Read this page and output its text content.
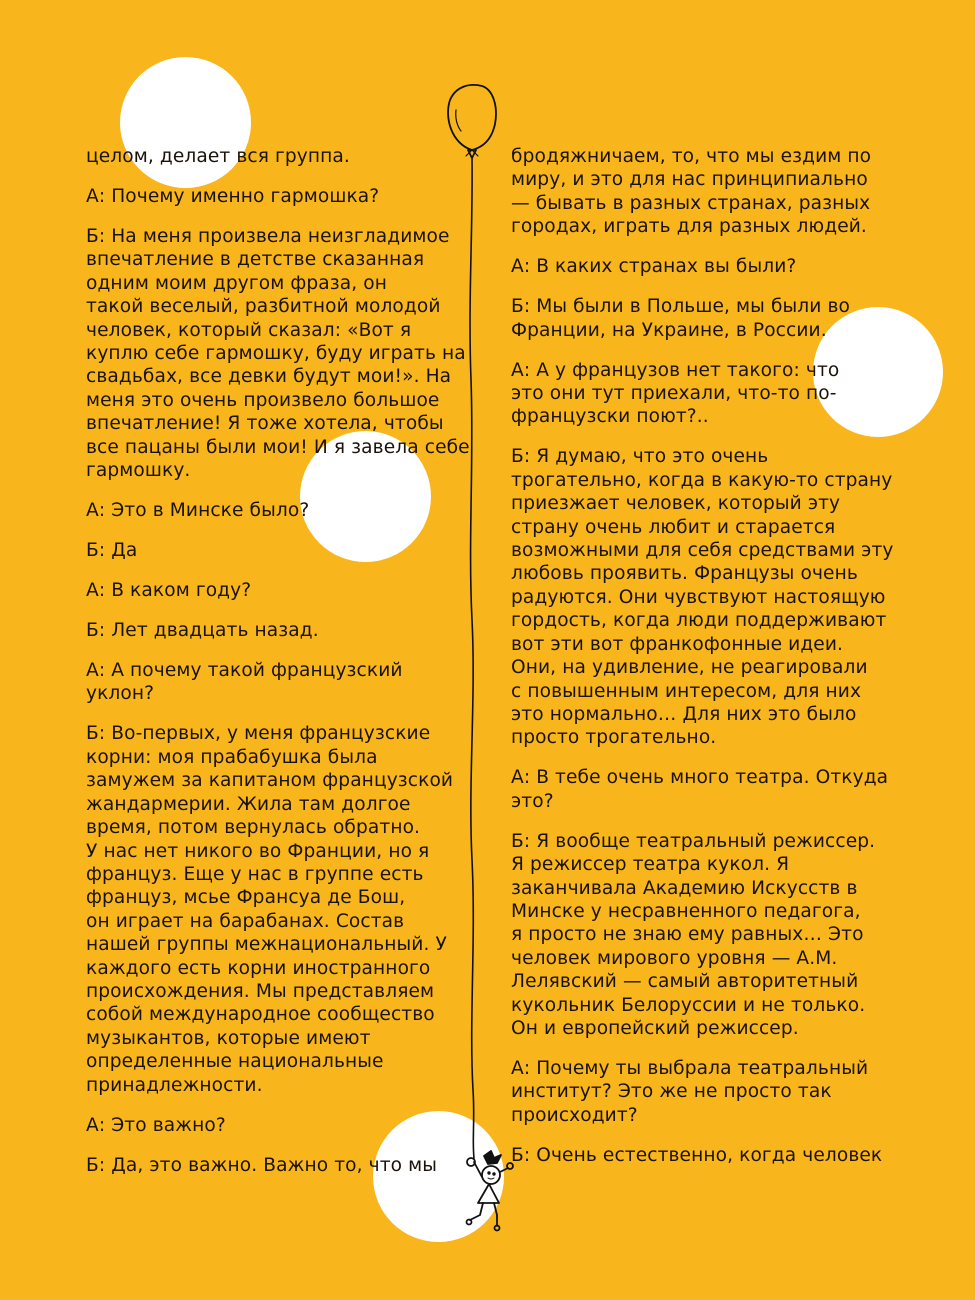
целом, делает вся группа.

А: Почему именно гармошка?

Б: На меня произвела неизгладимое
впечатление в детстве сказанная
одним моим другом фраза, он
такой веселый, разбитной молодой
человек, который сказал: «Вот я
куплю себе гармошку, буду играть на
свадьбах, все девки будут мои!». На
меня это очень произвело большое
впечатление! Я тоже хотела, чтобы
все пацаны были мои! И я завела себе
гармошку.

А: Это в Минске было?

Б: Да

А: В каком году?

Б: Лет двадцать назад.

А: А почему такой французский
уклон?

Б: Во-первых, у меня французские
корни: моя прабабушка была
замужем за капитаном французской
жандармерии. Жила там долгое
время, потом вернулась обратно.
У нас нет никого во Франции, но я
француз. Еще у нас в группе есть
француз, мсье Франсуа де Бош,
он играет на барабанах. Состав
нашей группы межнациональный. У
каждого есть корни иностранного
происхождения. Мы представляем
собой международное сообщество
музыкантов, которые имеют
определенные национальные
принадлежности.

А: Это важно?

Б: Да, это важно. Важно то, что мы

бродяжничаем, то, что мы ездим по
миру, и это для нас принципиально
— бывать в разных странах, разных
городах, играть для разных людей.

А: В каких странах вы были?

Б: Мы были в Польше, мы были во
Франции, на Украине, в России.

А: А у французов нет такого: что
это они тут приехали, что-то по-
французски поют?..

Б: Я думаю, что это очень
трогательно, когда в какую-то страну
приезжает человек, который эту
страну очень любит и старается
возможными для себя средствами эту
любовь проявить. Французы очень
радуются. Они чувствуют настоящую
гордость, когда люди поддерживают
вот эти вот франкофонные идеи.
Они, на удивление, не реагировали
с повышенным интересом, для них
это нормально… Для них это было
просто трогательно.

А: В тебе очень много театра. Откуда
это?

Б: Я вообще театральный режиссер.
Я режиссер театра кукол. Я
заканчивала Академию Искусств в
Минске у несравненного педагога,
я просто не знаю ему равных… Это
человек мирового уровня — А.М.
Лелявский — самый авторитетный
кукольник Белоруссии и не только.
Он и европейский режиссер.

А: Почему ты выбрала театральный
институт? Это же не просто так
происходит?

Б: Очень естественно, когда человек
